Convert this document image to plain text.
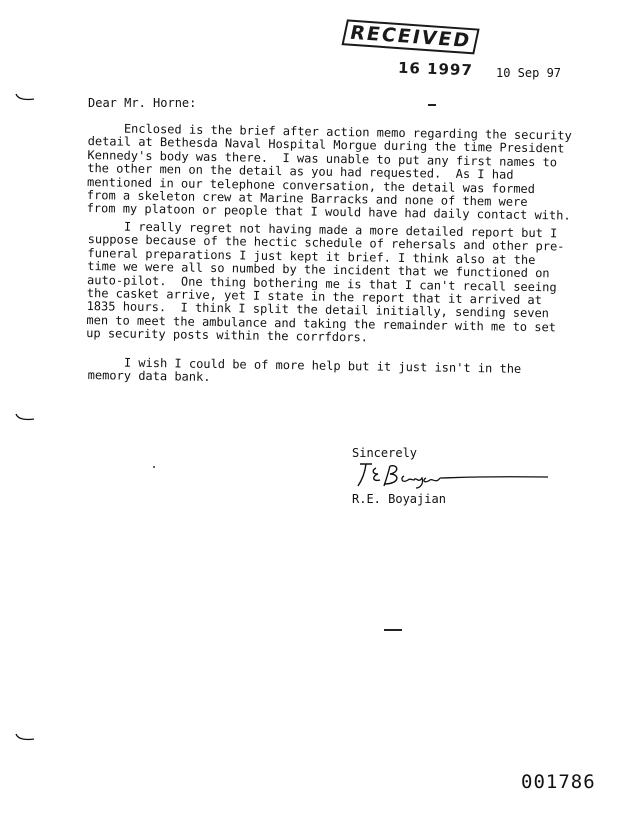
RECEIVED
16 1997 10 Sep 97
Dear Mr. Horne:

Enclosed is the brief after action memo regarding the security
detail at Bethesda Naval Hospital Morgue during the time President
Kennedy's body was there.  I was unable to put any first names to
the other men on the detail as you had requested.  As I had
mentioned in our telephone conversation, the detail was formed
from a skeleton crew at Marine Barracks and none of them were
from my platoon or people that I would have had daily contact with.

I really regret not having made a more detailed report but I
suppose because of the hectic schedule of rehersals and other pre-
funeral preparations I just kept it brief. I think also at the
time we were all so numbed by the incident that we functioned on
auto-pilot.  One thing bothering me is that I can't recall seeing
the casket arrive, yet I state in the report that it arrived at
1835 hours.  I think I split the detail initially, sending seven
men to meet the ambulance and taking the remainder with me to set
up security posts within the corrfdors.

I wish I could be of more help but it just isn't in the
memory data bank.

Sincerely
R.E. Boyajian
001786
